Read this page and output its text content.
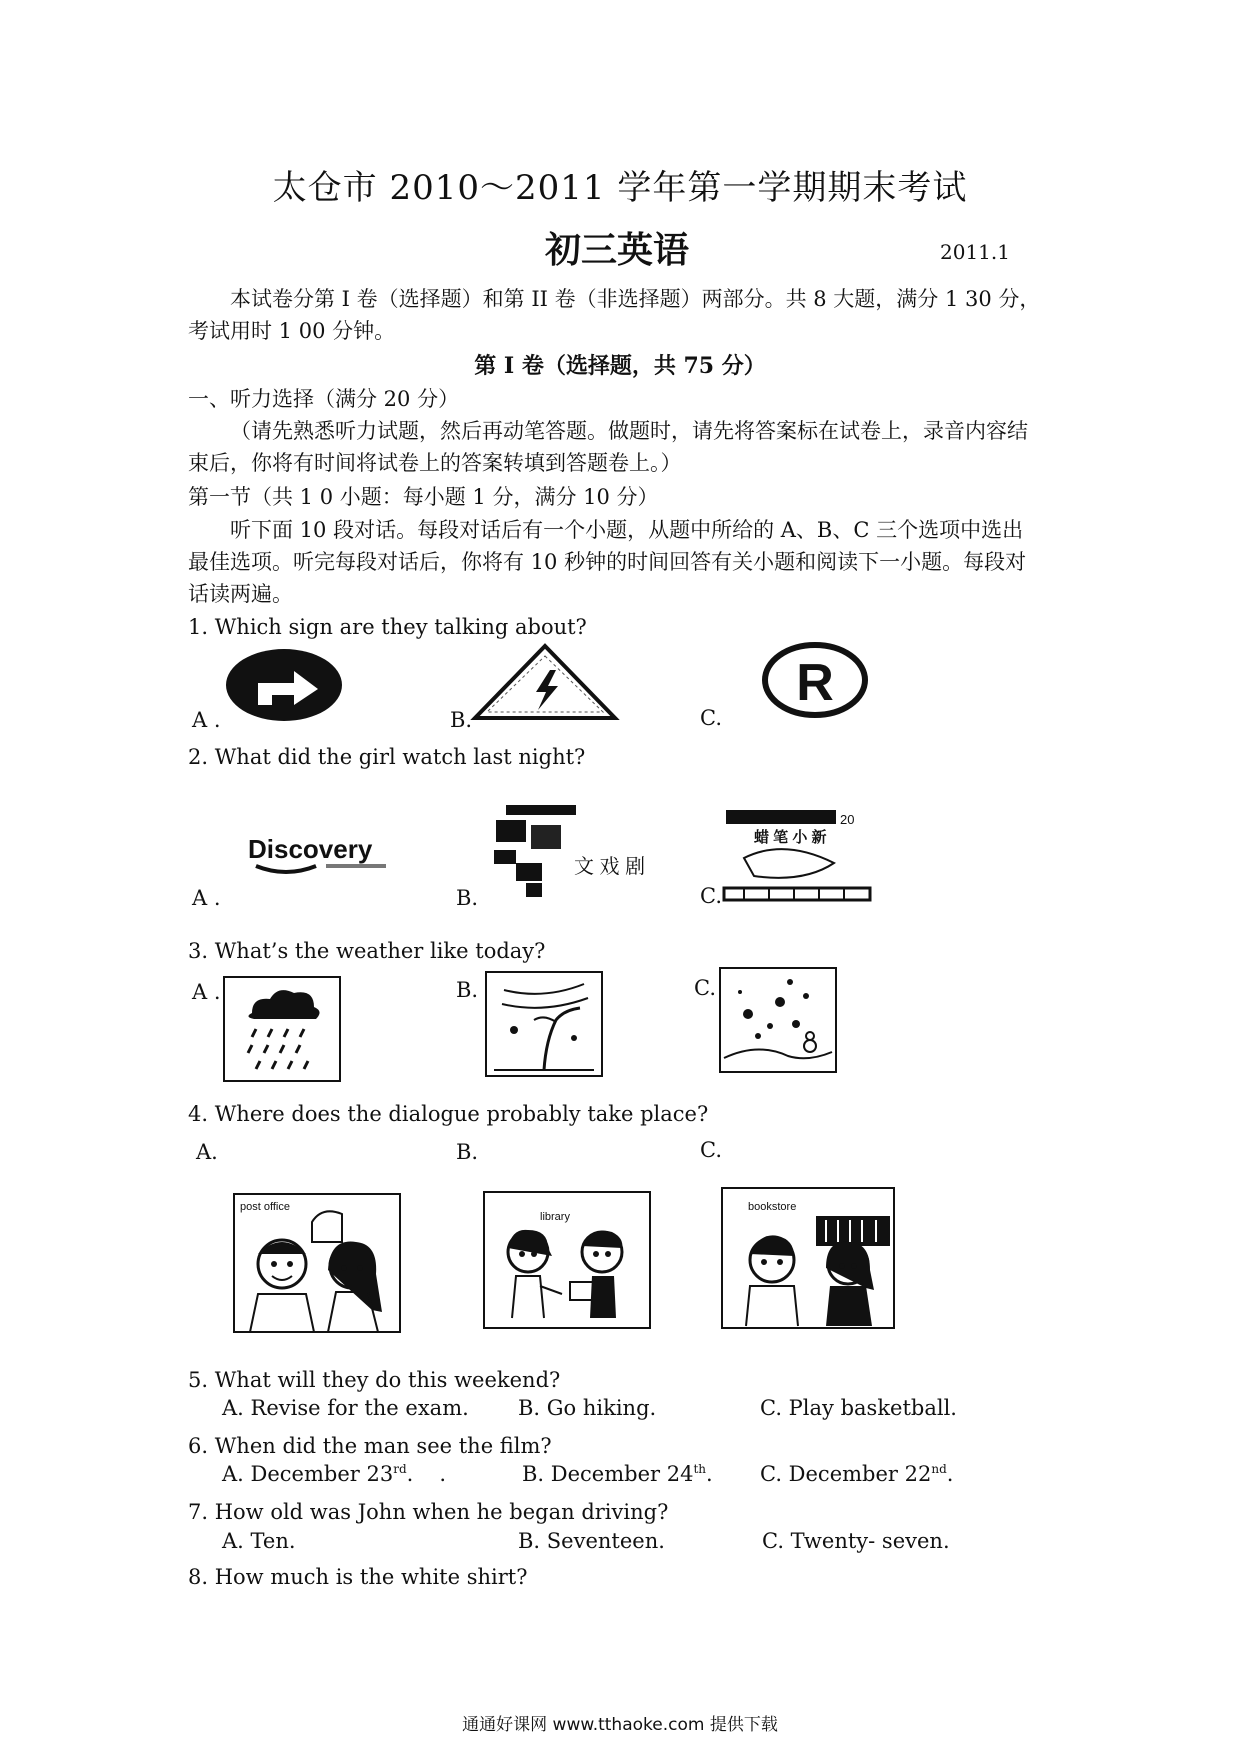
太仓市 2010～2011 学年第一学期期末考试
初三英语	2011.1
本试卷分第 I 卷（选择题）和第 II 卷（非选择题）两部分。共 8 大题，满分 1 30 分，
考试用时 1 00 分钟。
第 I 卷（选择题，共 75 分）
一、听力选择（满分 20 分）
（请先熟悉听力试题，然后再动笔答题。做题时，请先将答案标在试卷上，录音内容结
束后，你将有时间将试卷上的答案转填到答题卷上。）
第一节（共 1 0 小题：每小题 1 分，满分 10 分）
听下面 10 段对话。每段对话后有一个小题，从题中所给的 A、B、C 三个选项中选出
最佳选项。听完每段对话后，你将有 10 秒钟的时间回答有关小题和阅读下一小题。每段对
话读两遍。
1. Which sign are they talking about?
A .	B.	C.
R
2. What did the girl watch last night?
A .	B.	C.
Discovery
文 戏 剧
20
蜡 笔 小 新
3. What’s the weather like today?
A .	B.	C.
4. Where does the dialogue probably take place?
A.	B.	C.
post office
library
bookstore
5. What will they do this weekend?
A. Revise for the exam. B. Go hiking.	C. Play basketball.
6. When did the man see the film?
A. December 23rd. .	B. December 24th. C. December 22nd.
7. How old was John when he began driving?
A. Ten.	B. Seventeen.	C. Twenty- seven.
8. How much is the white shirt?
通通好课网 www.tthaoke.com 提供下载
